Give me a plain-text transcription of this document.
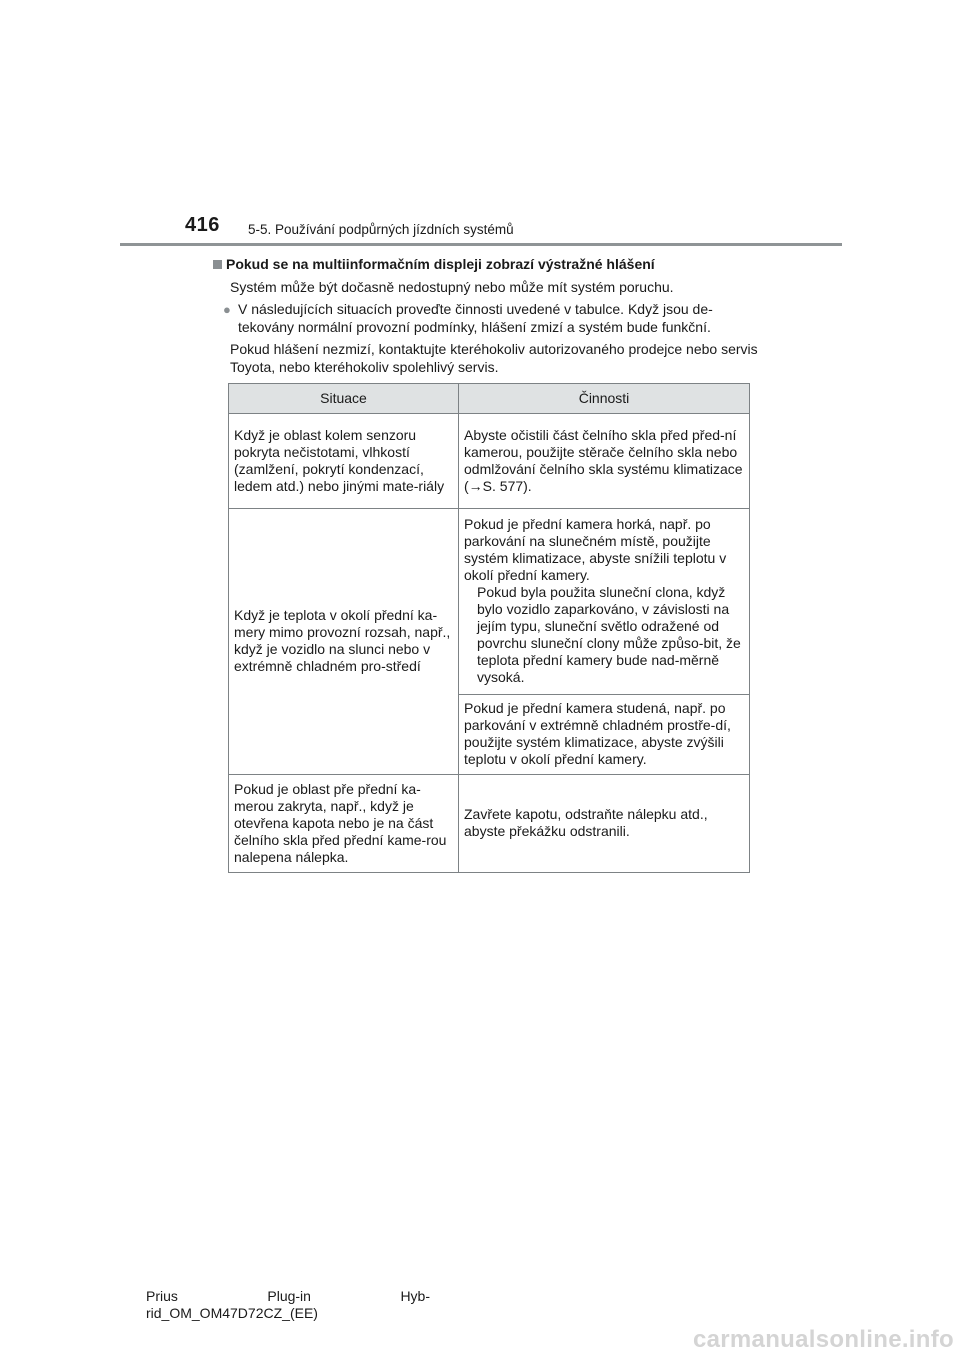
416 5-5. Používání podpůrných jízdních systémů
Pokud se na multiinformačním displeji zobrazí výstražné hlášení
Systém může být dočasně nedostupný nebo může mít systém poruchu.
● V následujících situacích proveďte činnosti uvedené v tabulce. Když jsou de-tekovány normální provozní podmínky, hlášení zmizí a systém bude funkční.
Pokud hlášení nezmizí, kontaktujte kteréhokoliv autorizovaného prodejce nebo servis Toyota, nebo kteréhokoliv spolehlivý servis.
Situace	Činnosti
Když je oblast kolem senzoru pokryta nečistotami, vlhkostí (zamlžení, pokrytí kondenzací, ledem atd.) nebo jinými mate-riály	Abyste očistili část čelního skla před před-ní kamerou, použijte stěrače čelního skla nebo odmlžování čelního skla systému klimatizace (→S. 577).
Když je teplota v okolí přední ka-mery mimo provozní rozsah, např., když je vozidlo na slunci nebo v extrémně chladném pro-středí	Pokud je přední kamera horká, např. po parkování na slunečném místě, použijte systém klimatizace, abyste snížili teplotu v okolí přední kamery.
Pokud byla použita sluneční clona, když bylo vozidlo zaparkováno, v závislosti na jejím typu, sluneční světlo odražené od povrchu sluneční clony může způso-bit, že teplota přední kamery bude nad-měrně vysoká.

	Pokud je přední kamera studená, např. po parkování v extrémně chladném prostře-dí, použijte systém klimatizace, abyste zvýšili teplotu v okolí přední kamery.
Pokud je oblast pře přední ka-merou zakryta, např., když je otevřena kapota nebo je na část čelního skla před přední kame-rou nalepena nálepka.	Zavřete kapotu, odstraňte nálepku atd., abyste překážku odstranili.
Prius	Plug-in	Hyb-
rid_OM_OM47D72CZ_(EE)
carmanualsonline.info
